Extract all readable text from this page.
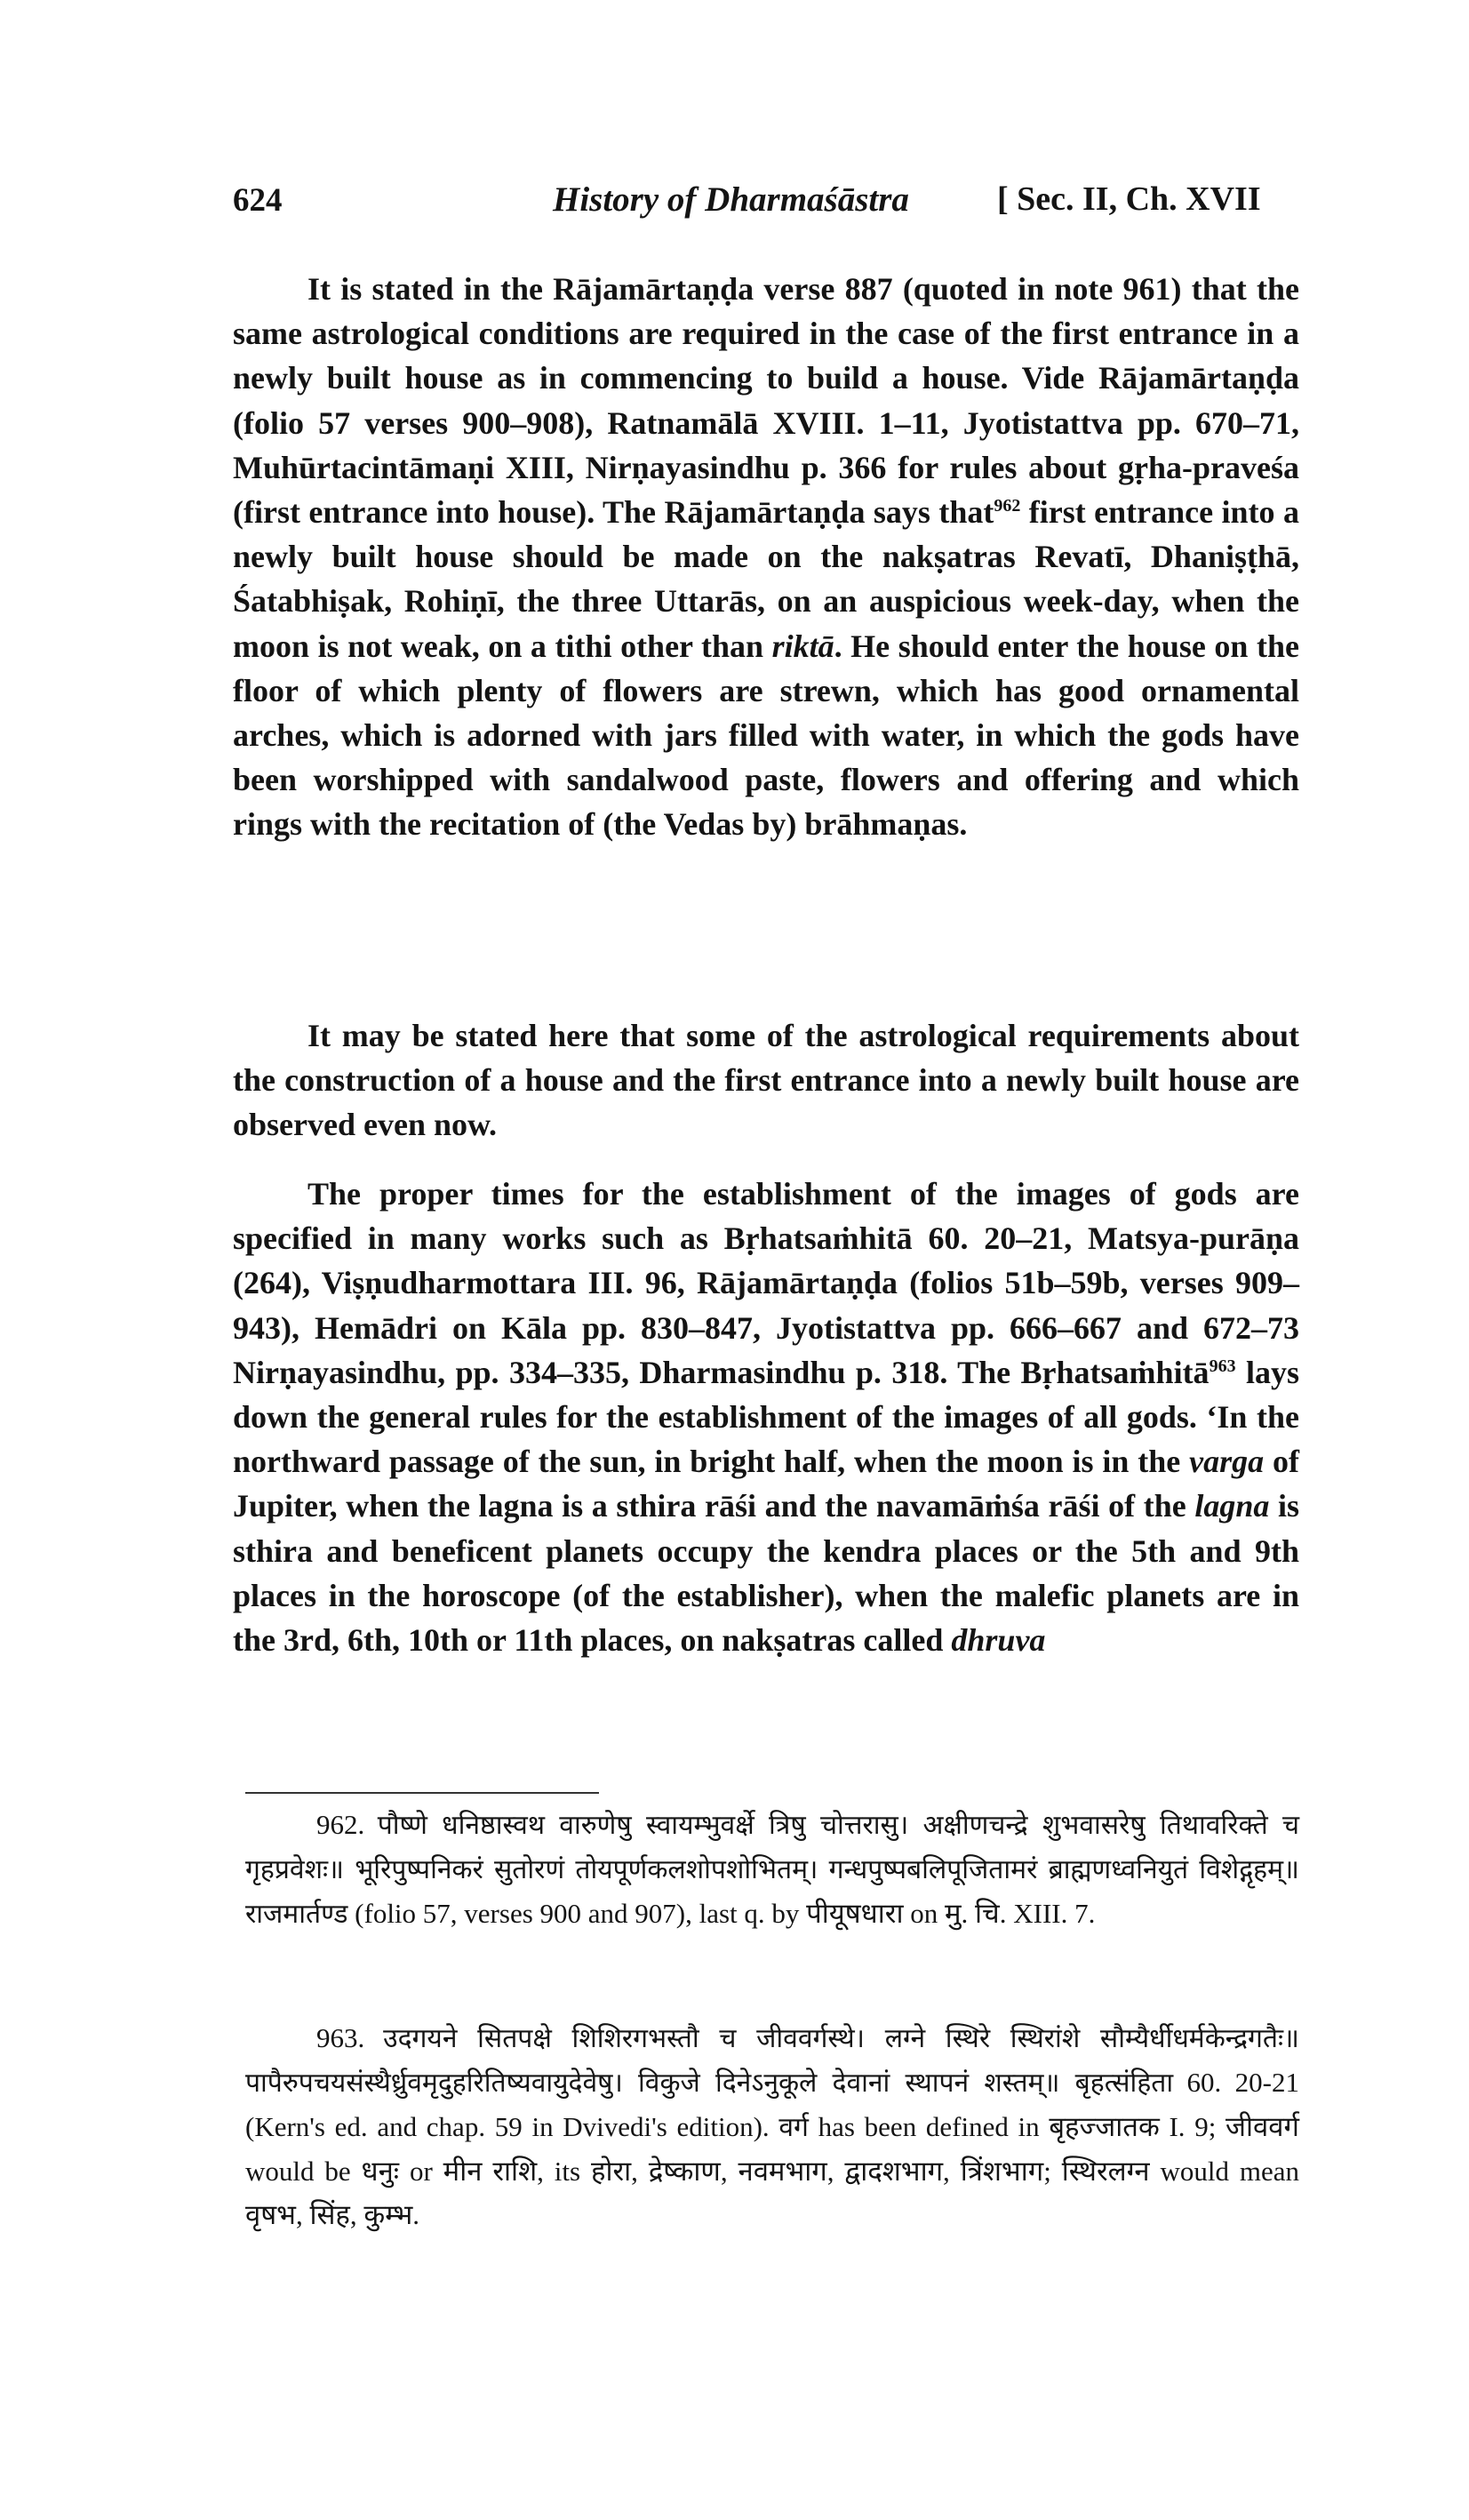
624	History of Dharmaśāstra	[ Sec. II, Ch. XVII

It is stated in the Rājamārtaṇḍa verse 887 (quoted in note 961) that the same astrological conditions are required in the case of the first entrance in a newly built house as in commencing to build a house. Vide Rājamārtaṇḍa (folio 57 verses 900–908), Ratnamālā XVIII. 1–11, Jyotistattva pp. 670–71, Muhūrtacintāmaṇi XIII, Nirṇayasindhu p. 366 for rules about gṛha-praveśa (first entrance into house). The Rājamārtaṇḍa says that$^{962}$ first entrance into a newly built house should be made on the nakṣatras Revatī, Dhaniṣṭhā, Śatabhiṣak, Rohiṇī, the three Uttarās, on an auspicious week-day, when the moon is not weak, on a tithi other than riktā. He should enter the house on the floor of which plenty of flowers are strewn, which has good ornamental arches, which is adorned with jars filled with water, in which the gods have been worshipped with sandalwood paste, flowers and offering and which rings with the recitation of (the Vedas by) brāhmaṇas.

It may be stated here that some of the astrological requirements about the construction of a house and the first entrance into a newly built house are observed even now.

The proper times for the establishment of the images of gods are specified in many works such as Bṛhatsaṁhitā 60. 20–21, Matsya-purāṇa (264), Viṣṇudharmottara III. 96, Rājamārtaṇḍa (folios 51b–59b, verses 909–943), Hemādri on Kāla pp. 830–847, Jyotistattva pp. 666–667 and 672–73 Nirṇayasindhu, pp. 334–335, Dharmasindhu p. 318. The Bṛhatsaṁhitā$^{963}$ lays down the general rules for the establishment of the images of all gods. ‘In the northward passage of the sun, in bright half, when the moon is in the varga of Jupiter, when the lagna is a sthira rāśi and the navamāṁśa rāśi of the lagna is sthira and beneficent planets occupy the kendra places or the 5th and 9th places in the horoscope (of the establisher), when the malefic planets are in the 3rd, 6th, 10th or 11th places, on nakṣatras called dhruva

962. पौष्णे धनिष्ठास्वथ वारुणेषु स्वायम्भुवर्क्षे त्रिषु चोत्तरासु। अक्षीणचन्द्रे शुभवासरेषु तिथावरिक्ते च गृहप्रवेशः॥ भूरिपुष्पनिकरं सुतोरणं तोयपूर्णकलशोपशोभितम्। गन्धपुष्पबलिपूजितामरं ब्राह्मणध्वनियुतं विशेद्गृहम्॥ राजमार्तण्ड (folio 57, verses 900 and 907), last q. by पीयूषधारा on मु. चि. XIII. 7.

963. उदगयने सितपक्षे शिशिरगभस्तौ च जीववर्गस्थे। लग्ने स्थिरे स्थिरांशे सौम्यैर्धीधर्मकेन्द्रगतैः॥ पापैरुपचयसंस्थैर्ध्रुवमृदुहरितिष्यवायुदेवेषु। विकुजे दिनेऽनुकूले देवानां स्थापनं शस्तम्॥ बृहत्संहिता 60. 20-21 (Kern's ed. and chap. 59 in Dvivedi's edition). वर्ग has been defined in बृहज्जातक I. 9; जीववर्ग would be धनुः or मीन राशि, its होरा, द्रेष्काण, नवमभाग, द्वादशभाग, त्रिंशभाग; स्थिरलग्न would mean वृषभ, सिंह, कुम्भ.
